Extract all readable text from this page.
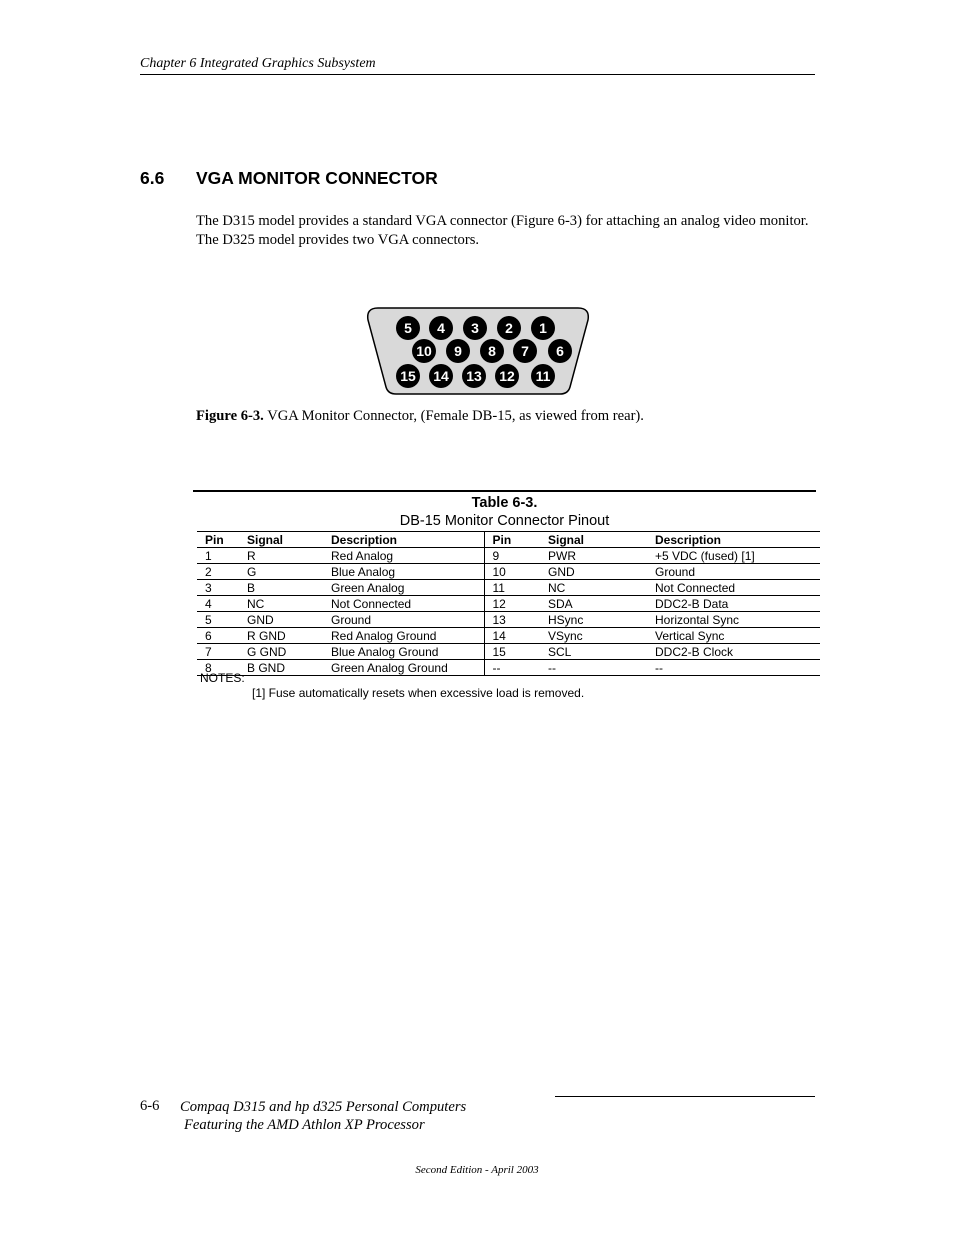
Chapter 6 Integrated Graphics Subsystem
6.6	VGA MONITOR CONNECTOR
The D315 model provides a standard VGA connector (Figure 6-3) for attaching an analog video monitor. The D325 model provides two VGA connectors.
5 4 3 2 1
10 9 8 7 6
15 14 13 12 11
Figure 6-3. VGA Monitor Connector, (Female DB-15, as viewed from rear).
Table 6-3.
DB-15 Monitor Connector Pinout
Pin	Signal	Description	Pin	Signal	Description
1	R	Red Analog	9	PWR	+5 VDC (fused) [1]
2	G	Blue Analog	10	GND	Ground
3	B	Green Analog	11	NC	Not Connected
4	NC	Not Connected	12	SDA	DDC2-B Data
5	GND	Ground	13	HSync	Horizontal Sync
6	R GND	Red Analog Ground	14	VSync	Vertical Sync
7	G GND	Blue Analog Ground	15	SCL	DDC2-B Clock
8	B GND	Green Analog Ground	--	--	--
NOTES:
[1] Fuse automatically resets when excessive load is removed.
6-6 Compaq D315 and hp d325 Personal Computers
Featuring the AMD Athlon XP Processor
Second Edition - April 2003
